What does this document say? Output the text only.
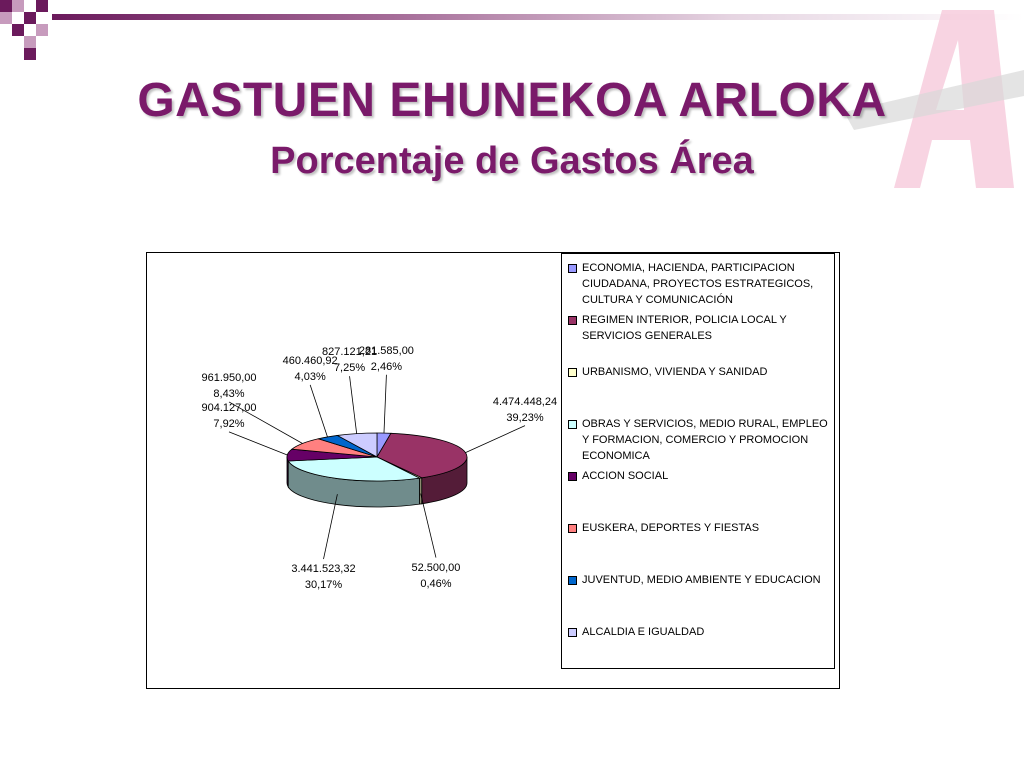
GASTUEN EHUNEKOA ARLOKA
Porcentaje de Gastos Área
281.585,00
2,46%
4.474.448,24
39,23%
52.500,00
0,46%
3.441.523,32
30,17%
904.127,00
7,92%
961.950,00
8,43%
460.460,92
4,03%
827.121,21
7,25%
ECONOMIA, HACIENDA, PARTICIPACION CIUDADANA, PROYECTOS ESTRATEGICOS, CULTURA Y COMUNICACIÓN
REGIMEN INTERIOR, POLICIA LOCAL Y SERVICIOS GENERALES
URBANISMO, VIVIENDA Y SANIDAD
OBRAS Y SERVICIOS, MEDIO RURAL, EMPLEO Y FORMACION, COMERCIO Y PROMOCION ECONOMICA
ACCION SOCIAL
EUSKERA, DEPORTES Y FIESTAS
JUVENTUD, MEDIO AMBIENTE Y EDUCACION
ALCALDIA E IGUALDAD
